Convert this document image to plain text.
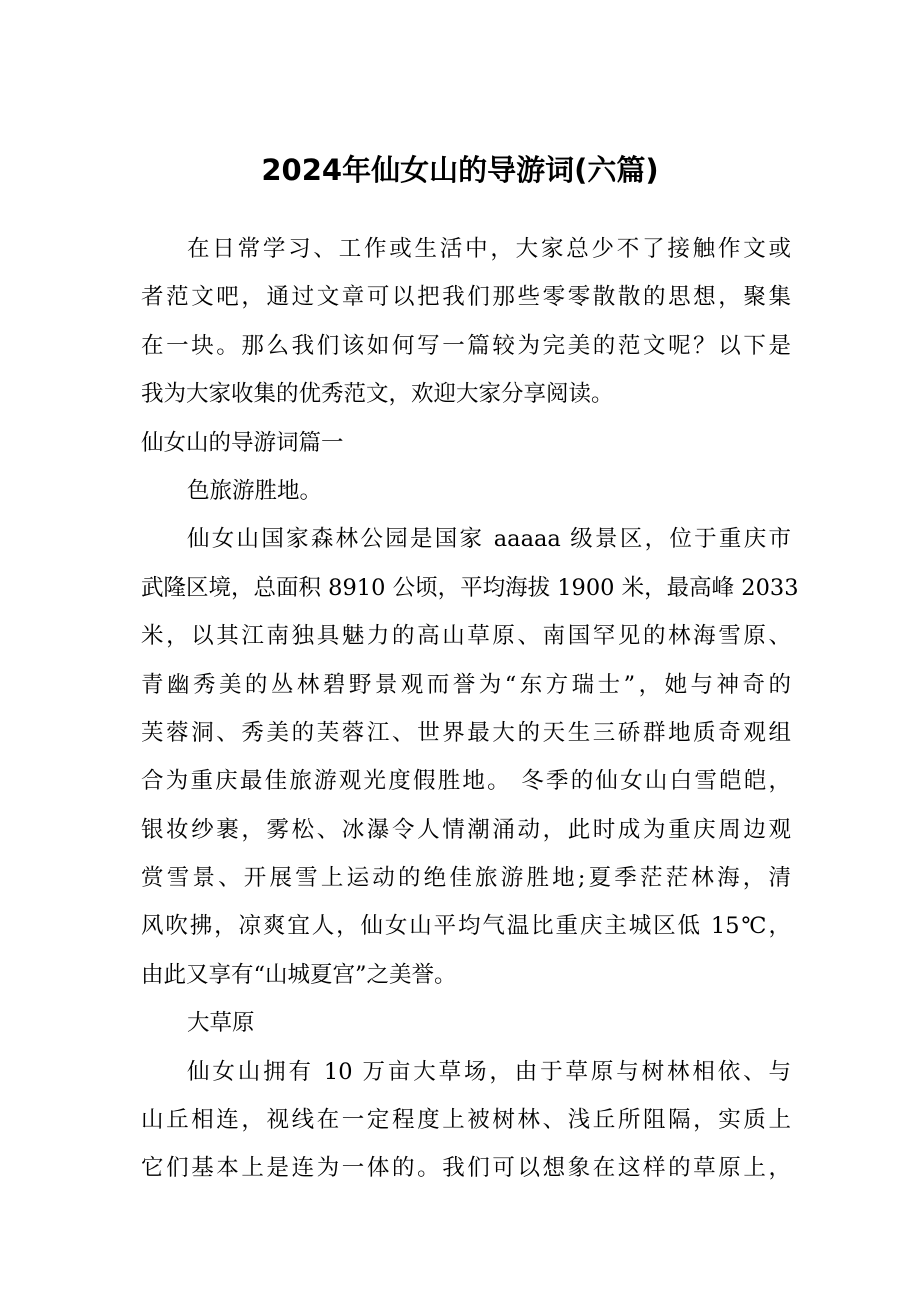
2024年仙女山的导游词(六篇)
在日常学习、工作或生活中，大家总少不了接触作文或
者范文吧，通过文章可以把我们那些零零散散的思想，聚集
在一块。那么我们该如何写一篇较为完美的范文呢？以下是
我为大家收集的优秀范文，欢迎大家分享阅读。
仙女山的导游词篇一
色旅游胜地。
仙女山国家森林公园是国家 aaaaa 级景区，位于重庆市
武隆区境，总面积 8910 公顷，平均海拔 1900 米，最高峰 2033
米，以其江南独具魅力的高山草原、南国罕见的林海雪原、
青幽秀美的丛林碧野景观而誉为“东方瑞士”，她与神奇的
芙蓉洞、秀美的芙蓉江、世界最大的天生三硚群地质奇观组
合为重庆最佳旅游观光度假胜地。 冬季的仙女山白雪皑皑，
银妆纱裹，雾松、冰瀑令人情潮涌动，此时成为重庆周边观
赏雪景、开展雪上运动的绝佳旅游胜地;夏季茫茫林海，清
风吹拂，凉爽宜人，仙女山平均气温比重庆主城区低 15℃，
由此又享有“山城夏宫”之美誉。
大草原
仙女山拥有 10 万亩大草场，由于草原与树林相依、与
山丘相连，视线在一定程度上被树林、浅丘所阻隔，实质上
它们基本上是连为一体的。我们可以想象在这样的草原上，
